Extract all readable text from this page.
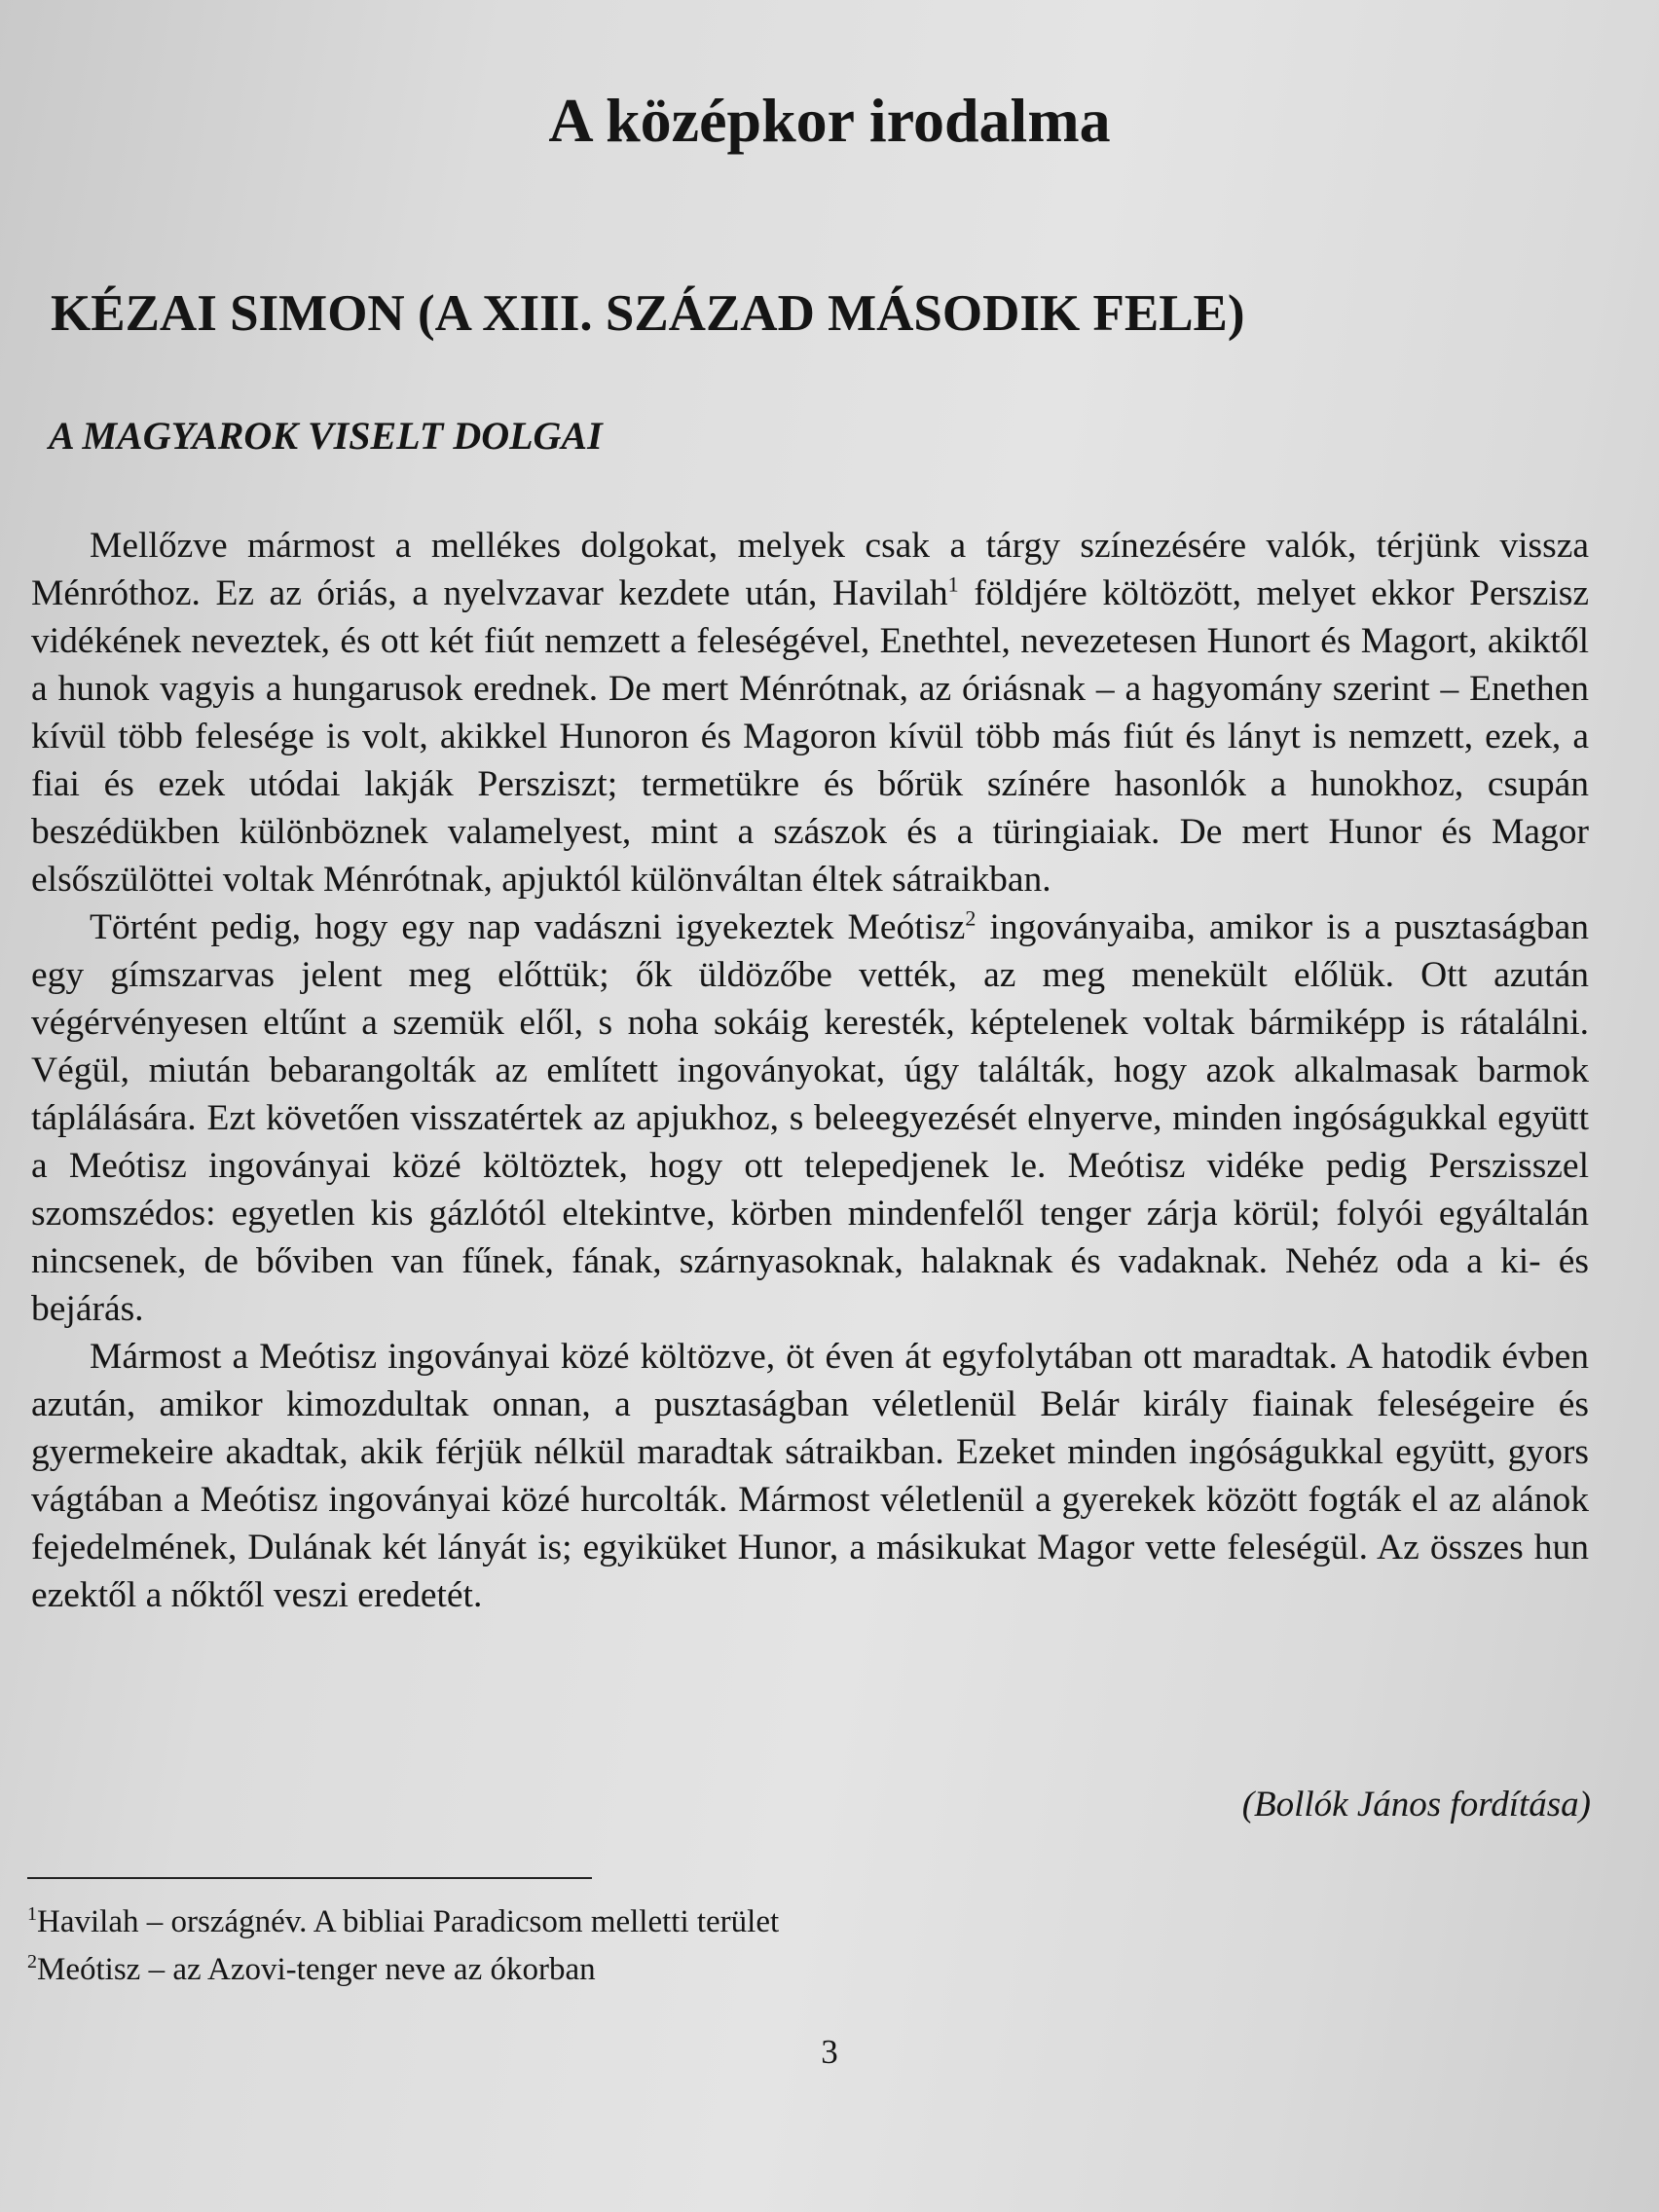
A középkor irodalma
KÉZAI SIMON (A XIII. SZÁZAD MÁSODIK FELE)
A MAGYAROK VISELT DOLGAI

Mellőzve mármost a mellékes dolgokat, melyek csak a tárgy színezésére valók, térjünk vissza Ménróthoz. Ez az óriás, a nyelvzavar kezdete után, Havilah$^1$ földjére költözött, melyet ekkor Perszisz vidékének neveztek, és ott két fiút nemzett a feleségével, Enethtel, nevezetesen Hunort és Magort, akiktől a hunok vagyis a hungarusok erednek. De mert Ménrótnak, az óriásnak – a hagyomány szerint – Enethen kívül több felesége is volt, akikkel Hunoron és Magoron kívül több más fiút és lányt is nemzett, ezek, a fiai és ezek utódai lakják Persziszt; termetükre és bőrük színére hasonlók a hunokhoz, csupán beszédükben különböznek valamelyest, mint a szászok és a türingiaiak. De mert Hunor és Magor elsőszülöttei voltak Ménrótnak, apjuktól különváltan éltek sátraikban.

Történt pedig, hogy egy nap vadászni igyekeztek Meótisz$^2$ ingoványaiba, amikor is a pusztaságban egy gímszarvas jelent meg előttük; ők üldözőbe vették, az meg menekült előlük. Ott azután végérvényesen eltűnt a szemük elől, s noha sokáig keresték, képtelenek voltak bármiképp is rátalálni. Végül, miután bebarangolták az említett ingoványokat, úgy találták, hogy azok alkalmasak barmok táplálására. Ezt követően visszatértek az apjukhoz, s beleegyezését elnyerve, minden ingóságukkal együtt a Meótisz ingoványai közé költöztek, hogy ott telepedjenek le. Meótisz vidéke pedig Perszisszel szomszédos: egyetlen kis gázlótól eltekintve, körben mindenfelől tenger zárja körül; folyói egyáltalán nincsenek, de bőviben van fűnek, fának, szárnyasoknak, halaknak és vadaknak. Nehéz oda a ki- és bejárás.

Mármost a Meótisz ingoványai közé költözve, öt éven át egyfolytában ott maradtak. A hatodik évben azután, amikor kimozdultak onnan, a pusztaságban véletlenül Belár király fiainak feleségeire és gyermekeire akadtak, akik férjük nélkül maradtak sátraikban. Ezeket minden ingóságukkal együtt, gyors vágtában a Meótisz ingoványai közé hurcolták. Mármost véletlenül a gyerekek között fogták el az alánok fejedelmének, Dulának két lányát is; egyiküket Hunor, a másikukat Magor vette feleségül. Az összes hun ezektől a nőktől veszi eredetét.

(Bollók János fordítása)
$^1$Havilah – országnév. A bibliai Paradicsom melletti terület
$^2$Meótisz – az Azovi-tenger neve az ókorban
3
